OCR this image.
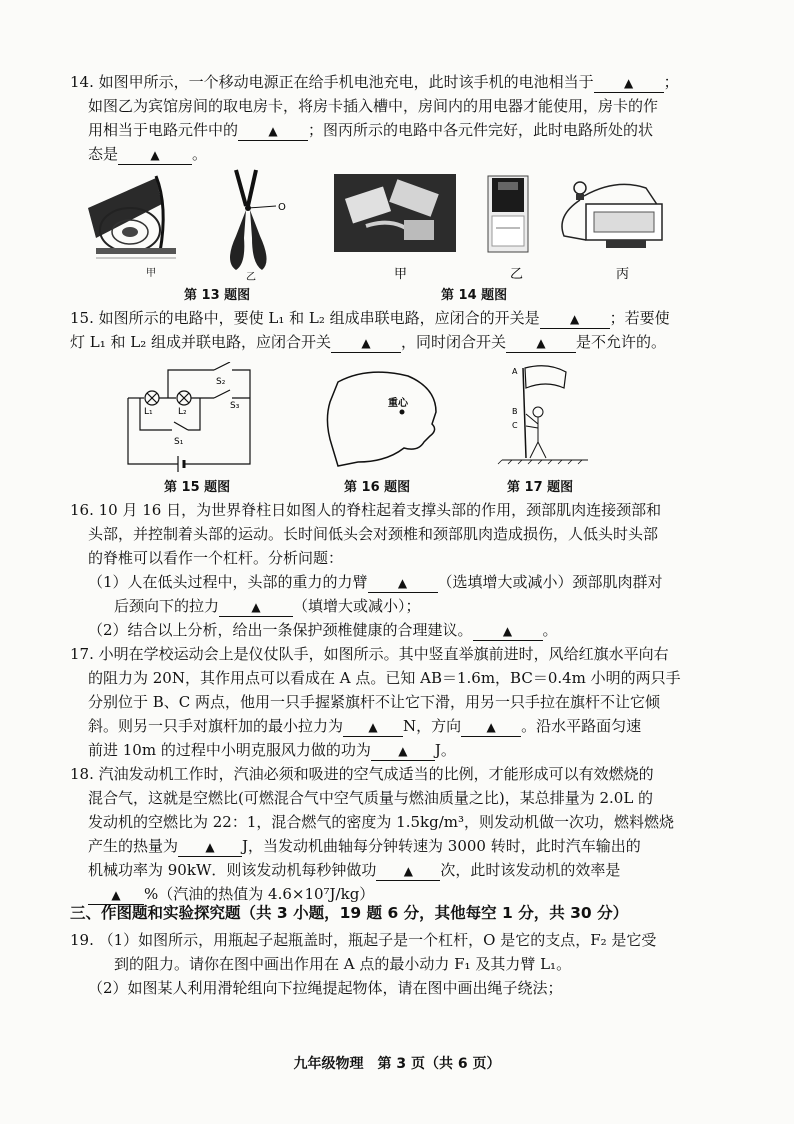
14. 如图甲所示，一个移动电源正在给手机电池充电，此时该手机的电池相当于	▲ ；

如图乙为宾馆房间的取电房卡，将房卡插入槽中，房间内的用电器才能使用，房卡的作

用相当于电路元件中的	▲ ；图丙所示的电路中各元件完好，此时电路所处的状

态是	▲ 。

甲
O
乙	甲	乙	丙
第 13 题图	第 14 题图

15. 如图所示的电路中，要使 L₁ 和 L₂ 组成串联电路，应闭合的开关是	▲ ；若要使

灯 L₁ 和 L₂ 组成并联电路，应闭合开关	▲ ，同时闭合开关	▲ 是不允许的。

S₂
L₁	L₂
S₃
S₁
重心
A
B
C
第 15 题图	第 16 题图	第 17 题图

16. 10 月 16 日，为世界脊柱日如图人的脊柱起着支撑头部的作用，颈部肌肉连接颈部和

头部，并控制着头部的运动。长时间低头会对颈椎和颈部肌肉造成损伤，人低头时头部

的脊椎可以看作一个杠杆。分析问题：

（1）人在低头过程中，头部的重力的力臂	▲ （选填增大或减小）颈部肌肉群对

后颈向下的拉力	▲ （填增大或减小）；

（2）结合以上分析，给出一条保护颈椎健康的合理建议。	▲ 。

17. 小明在学校运动会上是仪仗队手，如图所示。其中竖直举旗前进时，风给红旗水平向右

的阻力为 20N，其作用点可以看成在 A 点。已知 AB＝1.6m，BC＝0.4m 小明的两只手

分别位于 B、C 两点，他用一只手握紧旗杆不让它下滑，用另一只手拉在旗杆不让它倾

斜。则另一只手对旗杆加的最小拉力为 ▲ N，方向 ▲ 。沿水平路面匀速

前进 10m 的过程中小明克服风力做的功为 ▲ J。

18. 汽油发动机工作时，汽油必须和吸进的空气成适当的比例，才能形成可以有效燃烧的

混合气，这就是空燃比(可燃混合气中空气质量与燃油质量之比)，某总排量为 2.0L 的

发动机的空燃比为 22：1，混合燃气的密度为 1.5kg/m³，则发动机做一次功，燃料燃烧

产生的热量为 ▲ J，当发动机曲轴每分钟转速为 3000 转时，此时汽车输出的

机械功率为 90kW．则该发动机每秒钟做功 ▲ 次，此时该发动机的效率是

▲ %（汽油的热值为 4.6×10⁷J/kg）

三、作图题和实验探究题（共 3 小题，19 题 6 分，其他每空 1 分，共 30 分）

19. （1）如图所示，用瓶起子起瓶盖时，瓶起子是一个杠杆，O 是它的支点，F₂ 是它受

到的阻力。请你在图中画出作用在 A 点的最小动力 F₁ 及其力臂 L₁。

（2）如图某人利用滑轮组向下拉绳提起物体，请在图中画出绳子绕法；

九年级物理　第 3 页（共 6 页）
